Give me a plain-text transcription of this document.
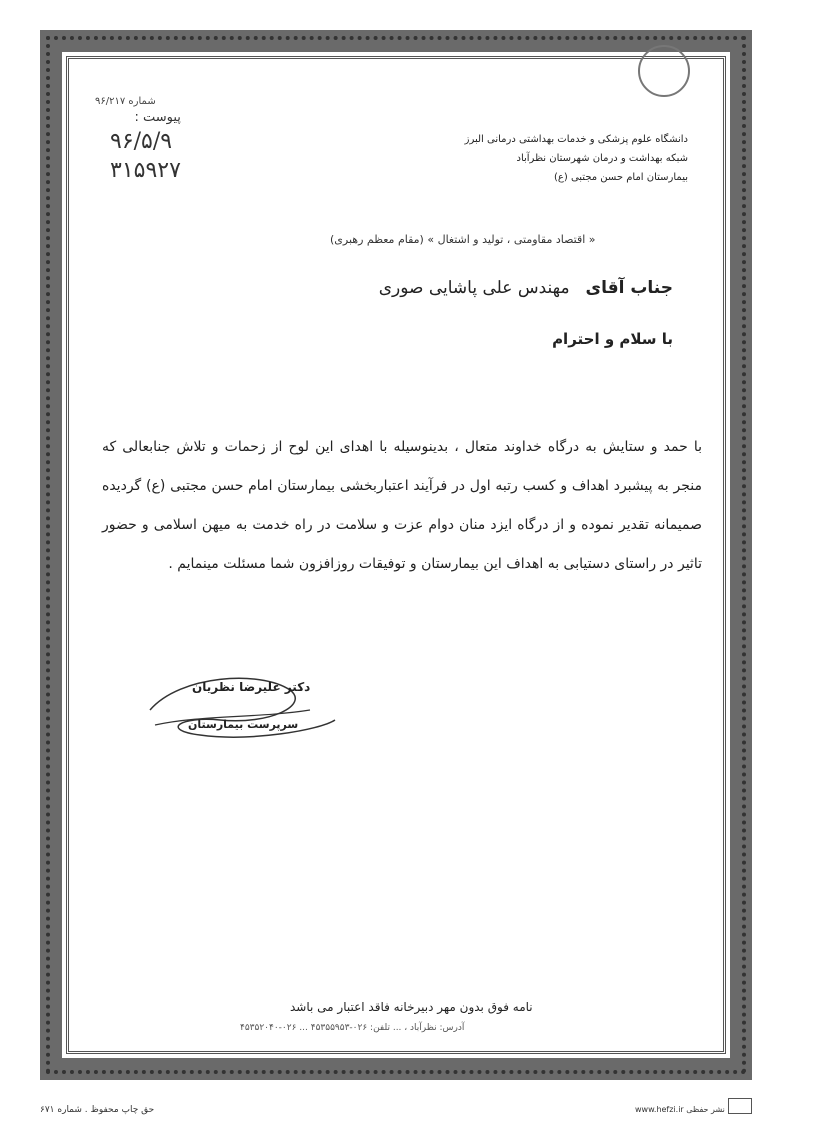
پیوست :
۹۶/۵/۹
۳۱۵۹۲۷
شماره ۹۶/۲۱۷
دانشگاه علوم پزشکی و خدمات بهداشتی درمانی البرز
شبکه بهداشت و درمان شهرستان نظرآباد
بیمارستان امام حسن مجتبی (ع)
« اقتصاد مقاومتی ، تولید و اشتغال » (مقام معظم رهبری)
جناب آقای مهندس علی پاشایی صوری
با سلام و احترام
با حمد و ستایش به درگاه خداوند متعال ، بدینوسیله با اهدای این لوح از زحمات و تلاش جنابعالی که منجر به پیشبرد اهداف و کسب رتبه اول در فرآیند اعتباربخشی بیمارستان امام حسن مجتبی (ع) گردیده صمیمانه تقدیر نموده و از درگاه ایزد منان دوام عزت و سلامت در راه خدمت به میهن اسلامی و حضور تاثیر در راستای دستیابی به اهداف این بیمارستان و توفیقات روزافزون شما مسئلت مینمایم .
دکتر علیرضا نظریان
سرپرست بیمارستان
نامه فوق بدون مهر دبیرخانه فاقد اعتبار می باشد
آدرس: نظرآباد ، ... تلفن: ۰۲۶-۴۵۳۵۵۹۵۳ ... ۰۲۶-۴۵۳۵۲۰۴۰
حق چاپ محفوظ . شماره ۶۷۱	www.hefzi.ir نشر حفظی
